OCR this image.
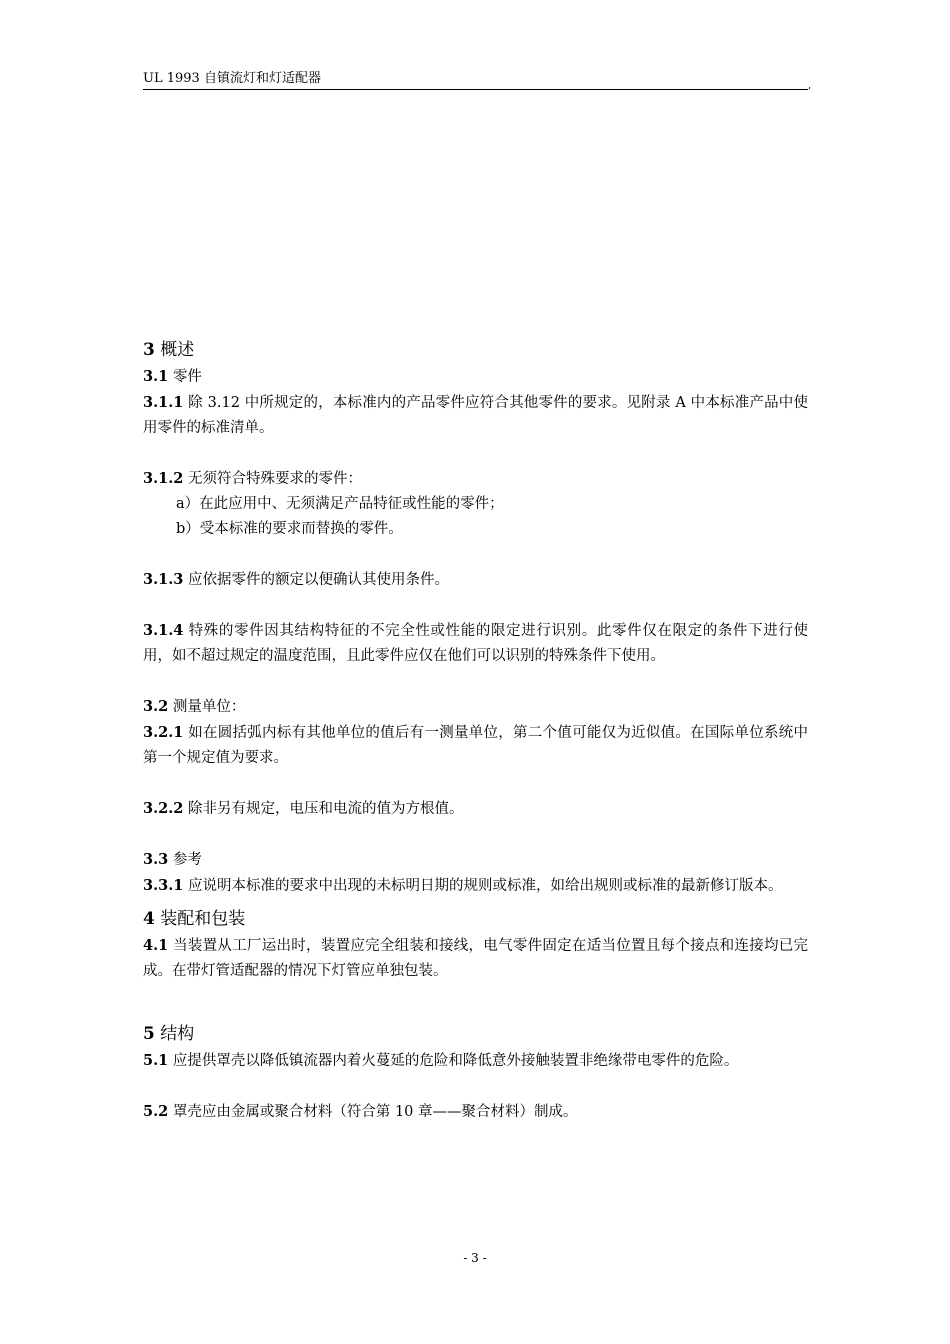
UL 1993 自镇流灯和灯适配器	,
3 概述

3.1 零件

3.1.1 除 3.12 中所规定的，本标准内的产品零件应符合其他零件的要求。见附录 A 中本标准产品中使用零件的标准清单。

3.1.2 无须符合特殊要求的零件：

a）在此应用中、无须满足产品特征或性能的零件；

b）受本标准的要求而替换的零件。

3.1.3 应依据零件的额定以便确认其使用条件。

3.1.4 特殊的零件因其结构特征的不完全性或性能的限定进行识别。此零件仅在限定的条件下进行使用，如不超过规定的温度范围，且此零件应仅在他们可以识别的特殊条件下使用。

3.2 测量单位：

3.2.1 如在圆括弧内标有其他单位的值后有一测量单位，第二个值可能仅为近似值。在国际单位系统中第一个规定值为要求。

3.2.2 除非另有规定，电压和电流的值为方根值。

3.3 参考

3.3.1 应说明本标准的要求中出现的未标明日期的规则或标准，如给出规则或标准的最新修订版本。

4 装配和包装

4.1 当装置从工厂运出时，装置应完全组装和接线，电气零件固定在适当位置且每个接点和连接均已完成。在带灯管适配器的情况下灯管应单独包装。

5 结构

5.1 应提供罩壳以降低镇流器内着火蔓延的危险和降低意外接触装置非绝缘带电零件的危险。

5.2 罩壳应由金属或聚合材料（符合第 10 章——聚合材料）制成。

- 3 -
